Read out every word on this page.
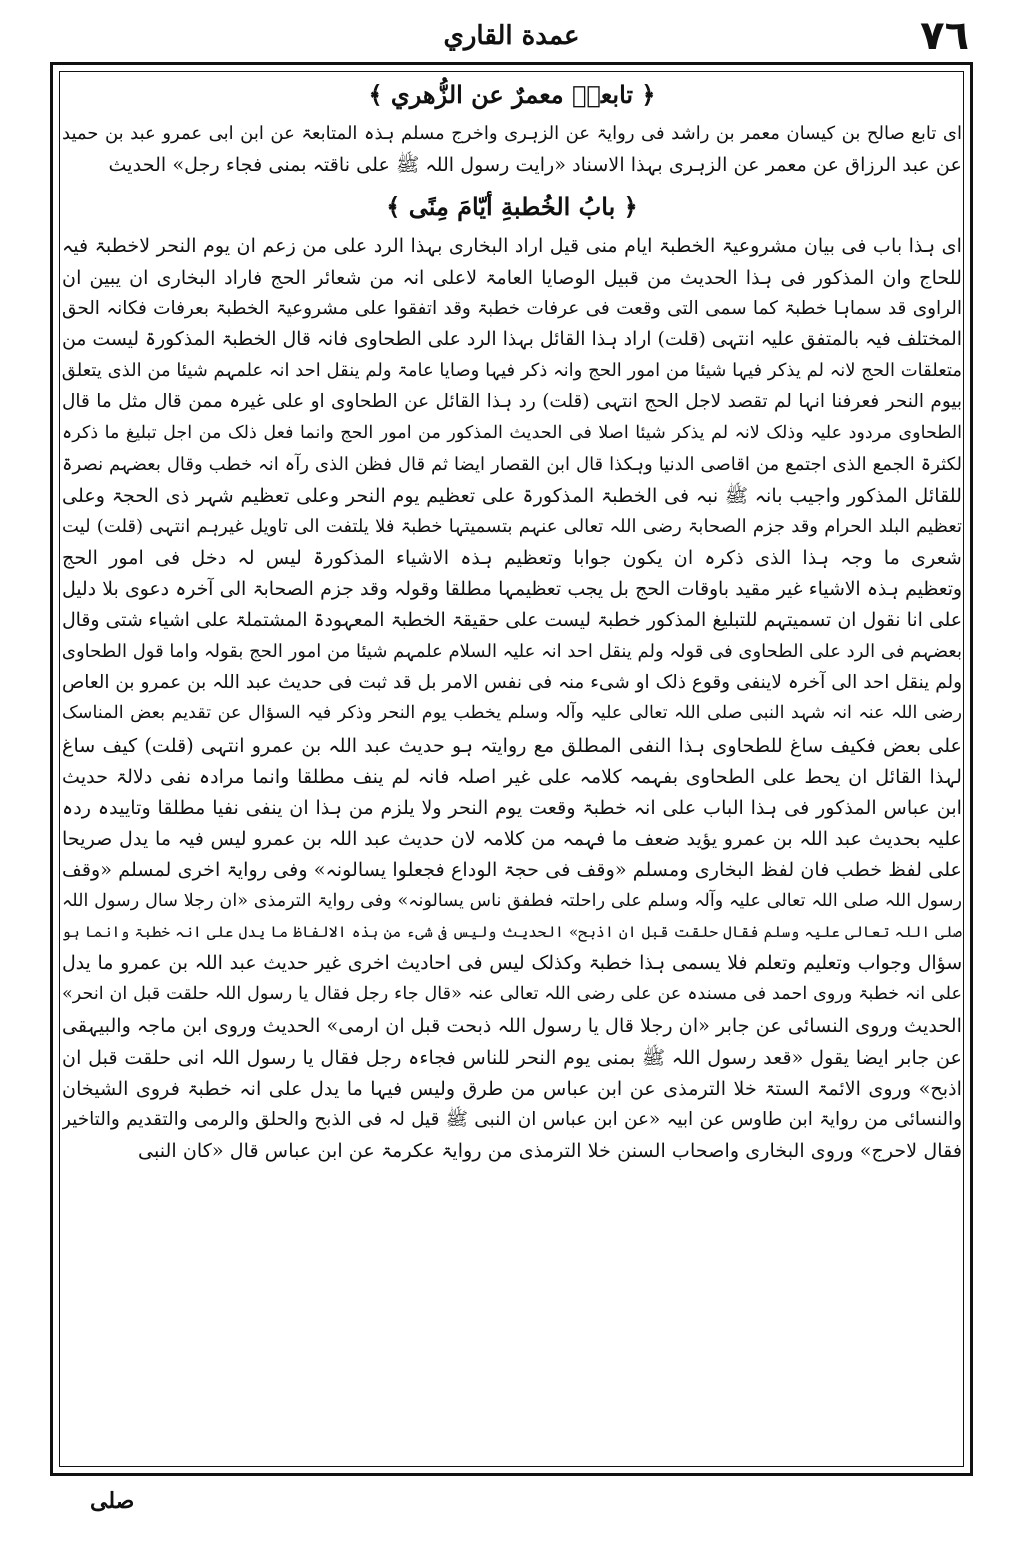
٧٦
عمدة القاري
﴿ تابعہٗ معمرٌ عن الزُّهري ﴾

ای تابع صالح بن کیسان معمر بن راشد فی روایۃ عن الزہری واخرج مسلم ہذہ المتابعۃ عن ابن ابی عمرو عبد بن حمید

عن عبد الرزاق عن معمر عن الزہری بہذا الاسناد «رایت رسول اللہ ﷺ علی ناقتہ بمنی فجاء رجل» الحدیث

﴿ بابُ الخُطبةِ أيّامَ مِنًى ﴾

ای ہذا باب فی بیان مشروعیۃ الخطبۃ ایام منی قیل اراد البخاری بہذا الرد علی من زعم ان یوم النحر لاخطبۃ فیہ

للحاج وان المذکور فی ہذا الحدیث من قبیل الوصایا العامۃ لاعلی انہ من شعائر الحج فاراد البخاری ان یبین ان

الراوی قد سماہا خطبۃ کما سمی التی وقعت فی عرفات خطبۃ وقد اتفقوا علی مشروعیۃ الخطبۃ بعرفات فکانہ الحق

المختلف فیہ بالمتفق علیہ انتہی (قلت) اراد ہذا القائل بہذا الرد علی الطحاوی فانہ قال الخطبۃ المذکورۃ لیست من

متعلقات الحج لانہ لم یذکر فیہا شیئا من امور الحج وانہ ذکر فیہا وصایا عامۃ ولم ینقل احد انہ علمہم شیئا من الذی یتعلق

بیوم النحر فعرفنا انہا لم تقصد لاجل الحج انتہی (قلت) رد ہذا القائل عن الطحاوی او علی غیرہ ممن قال مثل ما قال

الطحاوی مردود علیہ وذلک لانہ لم یذکر شیئا اصلا فی الحدیث المذکور من امور الحج وانما فعل ذلک من اجل تبلیغ ما ذکرہ

لکثرۃ الجمع الذی اجتمع من اقاصی الدنیا وہکذا قال ابن القصار ایضا ثم قال فظن الذی رآہ انہ خطب وقال بعضہم نصرۃ

للقائل المذکور واجیب بانہ ﷺ نبہ فی الخطبۃ المذکورۃ علی تعظیم یوم النحر وعلی تعظیم شہر ذی الحجۃ وعلی

تعظیم البلد الحرام وقد جزم الصحابۃ رضی اللہ تعالی عنہم بتسمیتہا خطبۃ فلا یلتفت الی تاویل غیرہم انتہی (قلت) لیت

شعری ما وجہ ہذا الذی ذکرہ ان یکون جوابا وتعظیم ہذہ الاشیاء المذکورۃ لیس لہ دخل فی امور الحج

وتعظیم ہذہ الاشیاء غیر مقید باوقات الحج بل یجب تعظیمہا مطلقا وقولہ وقد جزم الصحابۃ الی آخرہ دعوی بلا دلیل

علی انا نقول ان تسمیتہم للتبلیغ المذکور خطبۃ لیست علی حقیقۃ الخطبۃ المعہودۃ المشتملۃ علی اشیاء شتی وقال

بعضہم فی الرد علی الطحاوی فی قولہ ولم ینقل احد انہ علیہ السلام علمہم شیئا من امور الحج بقولہ واما قول الطحاوی

ولم ینقل احد الی آخرہ لاینفی وقوع ذلک او شیء منہ فی نفس الامر بل قد ثبت فی حدیث عبد اللہ بن عمرو بن العاص

رضی اللہ عنہ انہ شہد النبی صلی اللہ تعالی علیہ وآلہ وسلم یخطب یوم النحر وذکر فیہ السؤال عن تقدیم بعض المناسک

علی بعض فکیف ساغ للطحاوی ہذا النفی المطلق مع روایتہ ہو حدیث عبد اللہ بن عمرو انتہی (قلت) کیف ساغ

لہذا القائل ان یحط علی الطحاوی بفہمہ کلامہ علی غیر اصلہ فانہ لم ینف مطلقا وانما مرادہ نفی دلالۃ حدیث

ابن عباس المذکور فی ہذا الباب علی انہ خطبۃ وقعت یوم النحر ولا یلزم من ہذا ان ینفی نفیا مطلقا وتاییدہ ردہ

علیہ بحدیث عبد اللہ بن عمرو یؤید ضعف ما فہمہ من کلامہ لان حدیث عبد اللہ بن عمرو لیس فیہ ما یدل صریحا

علی لفظ خطب فان لفظ البخاری ومسلم «وقف فی حجۃ الوداع فجعلوا یسالونہ» وفی روایۃ اخری لمسلم «وقف

رسول اللہ صلی اللہ تعالی علیہ وآلہ وسلم علی راحلتہ فطفق ناس یسالونہ» وفی روایۃ الترمذی «ان رجلا سال رسول اللہ

صلی اللہ تعالی علیہ وسلم فقال حلقت قبل ان اذبح» الحدیث ولیس فی شیء من ہذہ الالفاظ ما یدل علی انہ خطبۃ وانما ہو

سؤال وجواب وتعلیم وتعلم فلا یسمی ہذا خطبۃ وکذلک لیس فی احادیث اخری غیر حدیث عبد اللہ بن عمرو ما یدل

علی انہ خطبۃ وروی احمد فی مسندہ عن علی رضی اللہ تعالی عنہ «قال جاء رجل فقال یا رسول اللہ حلقت قبل ان انحر»

الحدیث وروی النسائی عن جابر «ان رجلا قال یا رسول اللہ ذبحت قبل ان ارمی» الحدیث وروی ابن ماجہ والبیہقی

عن جابر ایضا یقول «قعد رسول اللہ ﷺ بمنی یوم النحر للناس فجاءہ رجل فقال یا رسول اللہ انی حلقت قبل ان

اذبح» وروی الائمۃ الستۃ خلا الترمذی عن ابن عباس من طرق ولیس فیہا ما یدل علی انہ خطبۃ فروی الشیخان

والنسائی من روایۃ ابن طاوس عن ابیہ «عن ابن عباس ان النبی ﷺ قیل لہ فی الذبح والحلق والرمی والتقدیم والتاخیر

فقال لاحرج» وروی البخاری واصحاب السنن خلا الترمذی من روایۃ عکرمۃ عن ابن عباس قال «کان النبی

صلی
